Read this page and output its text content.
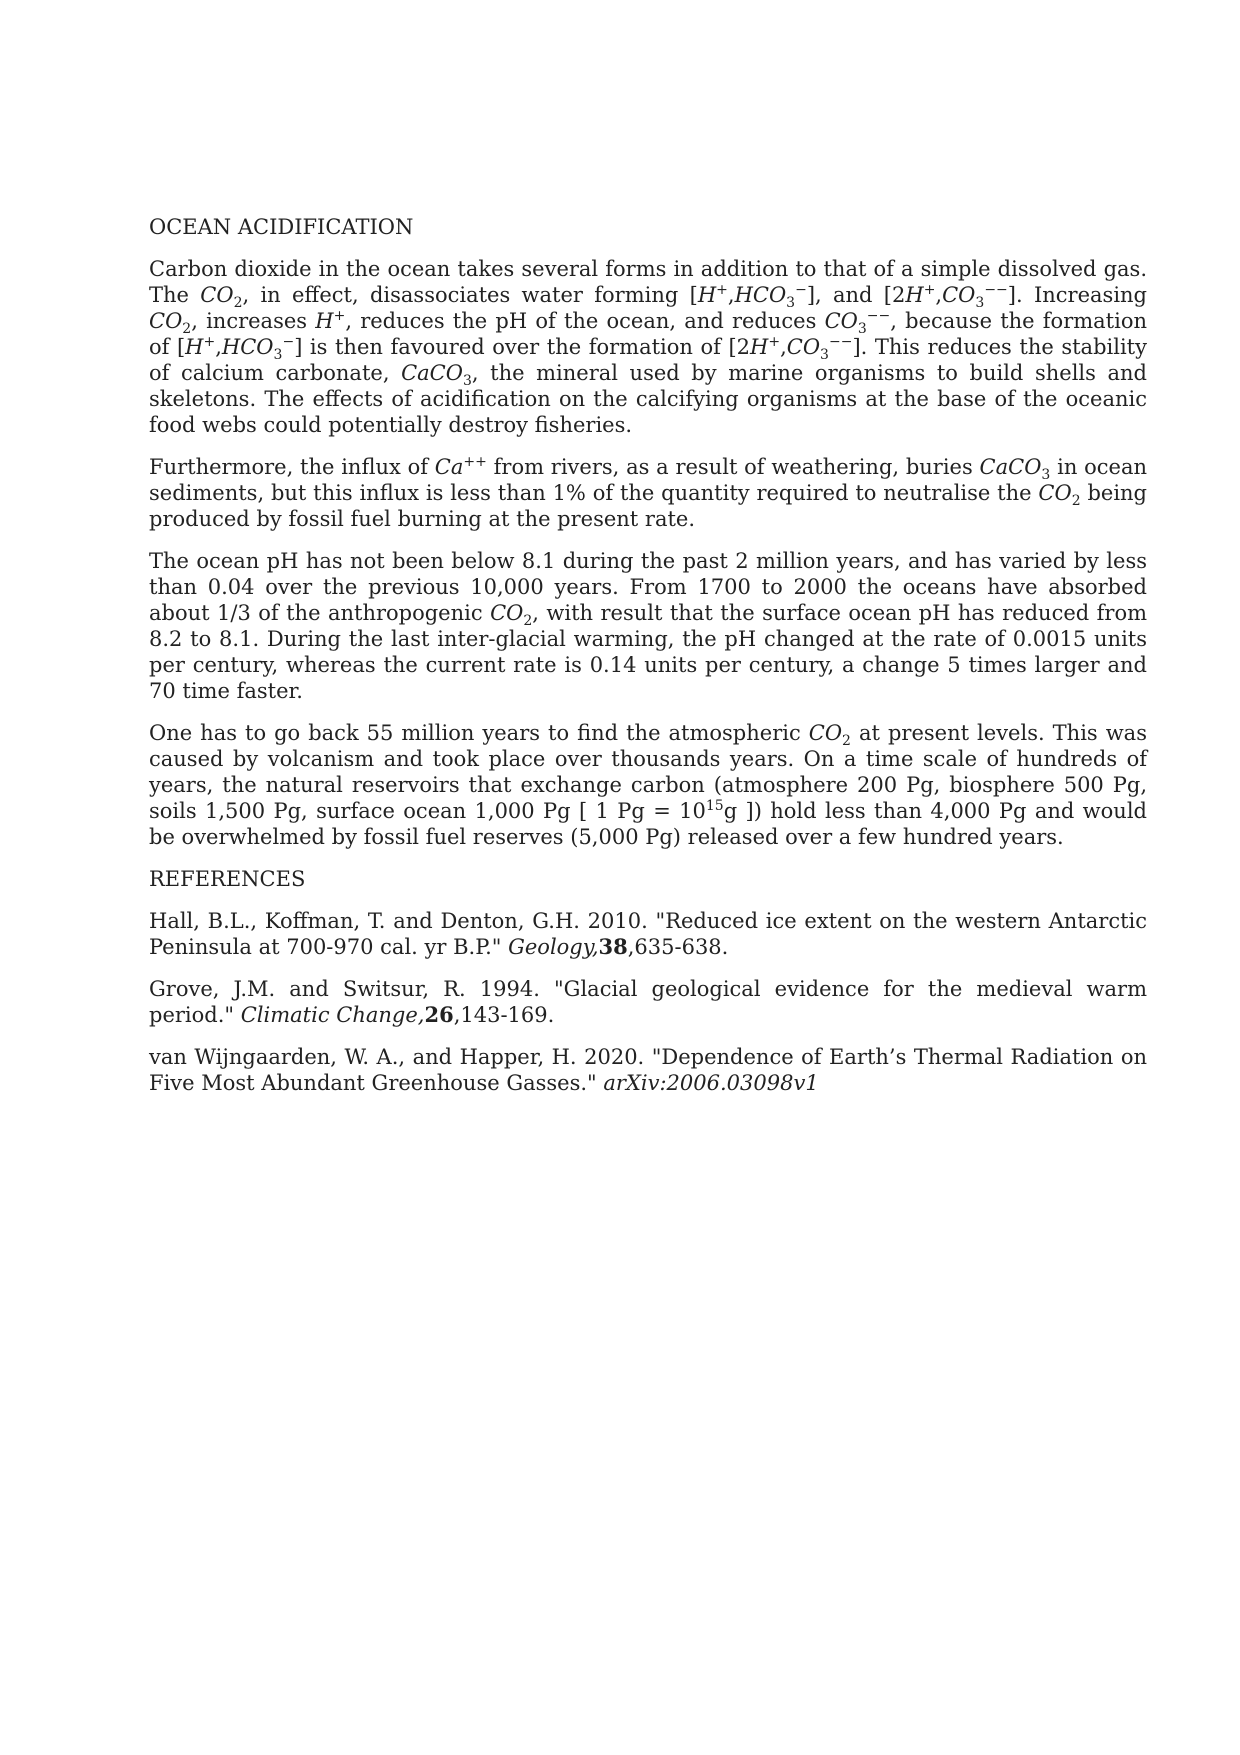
OCEAN ACIDIFICATION

Carbon dioxide in the ocean takes several forms in addition to that of a simple dissolved gas. The $CO_2$, in effect, disassociates water forming $[H^+,HCO_3^-]$, and $[2H^+,CO_3^{--}]$. Increasing $CO_2$, increases H+, reduces the pH of the ocean, and reduces $CO_3^{--}$, because the formation of $[H^+,HCO_3^-]$ is then favoured over the formation of $[2H^+,CO_3^{--}]$. This reduces the stability of calcium carbonate, CaCO$_3$, the mineral used by marine organisms to build shells and skeletons. The effects of acidification on the calcifying organisms at the base of the oceanic food webs could potentially destroy fisheries.

Furthermore, the influx of Ca++ from rivers, as a result of weathering, buries CaCO$_3$ in ocean sediments, but this influx is less than 1% of the quantity required to neutralise the $CO_2$ being produced by fossil fuel burning at the present rate.

The ocean pH has not been below 8.1 during the past 2 million years, and has varied by less than 0.04 over the previous 10,000 years. From 1700 to 2000 the oceans have absorbed about 1/3 of the anthropogenic $CO_2$, with result that the surface ocean pH has reduced from 8.2 to 8.1. During the last inter-glacial warming, the pH changed at the rate of 0.0015 units per century, whereas the current rate is 0.14 units per century, a change 5 times larger and 70 time faster.

One has to go back 55 million years to find the atmospheric $CO_2$ at present levels. This was caused by volcanism and took place over thousands years. On a time scale of hundreds of years, the natural reservoirs that exchange carbon (atmosphere 200 Pg, biosphere 500 Pg, soils 1,500 Pg, surface ocean 1,000 Pg [ 1 $Pg = 10^{15}g$ ]) hold less than 4,000 Pg and would be overwhelmed by fossil fuel reserves (5,000 Pg) released over a few hundred years.

REFERENCES

Hall, B.L., Koffman, T. and Denton, G.H. 2010. "Reduced ice extent on the western Antarctic Peninsula at 700-970 cal. yr B.P." Geology,38,635-638.

Grove, J.M. and Switsur, R. 1994. "Glacial geological evidence for the medieval warm period." Climatic Change,26,143-169.

van Wijngaarden, W. A., and Happer, H. 2020. "Dependence of Earth’s Thermal Radiation on Five Most Abundant Greenhouse Gasses." arXiv:2006.03098v1
